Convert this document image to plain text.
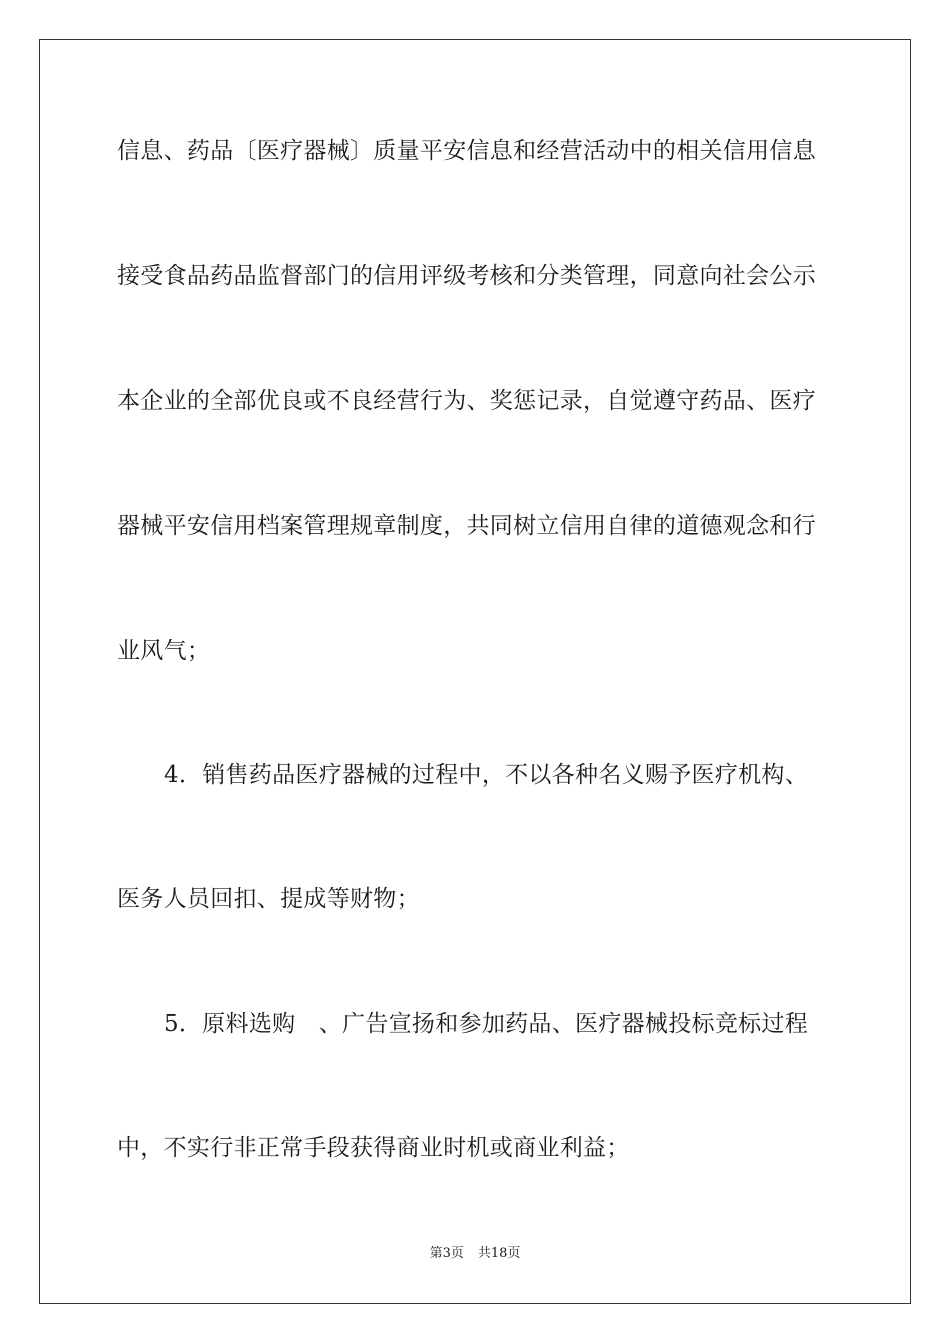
信息、药品〔医疗器械〕质量平安信息和经营活动中的相关信用信息
接受食品药品监督部门的信用评级考核和分类管理，同意向社会公示
本企业的全部优良或不良经营行为、奖惩记录，自觉遵守药品、医疗
器械平安信用档案管理规章制度，共同树立信用自律的道德观念和行
业风气；
4．销售药品医疗器械的过程中，不以各种名义赐予医疗机构、
医务人员回扣、提成等财物；
5．原料选购　、广告宣扬和参加药品、医疗器械投标竞标过程
中，不实行非正常手段获得商业时机或商业利益；
第3页 共18页
